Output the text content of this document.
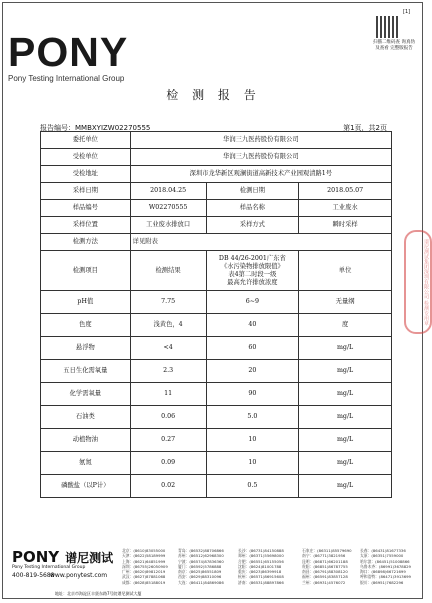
[1]
PONY
Pony Testing International Group
扫描二维码查 询真伪及查看 完整版报告
检 测 报 告
报告编号：MMBXYIZW02270555	第1页，共2页
委托单位	华润三九医药股份有限公司		
受检单位	华润三九医药股份有限公司		
受检地址	深圳市龙华新区观澜街道高新技术产业园观清路1号		
采样日期	2018.04.25	检测日期	2018.05.07
样品编号	W02270555	样品名称	工业废水
采样位置	工业废水排放口	采样方式	瞬时采样
检测方法	详见附表		
检测项目	检测结果	DB 44/26-2001广东省
《水污染物排放限值》
表4第二时段一级
最高允许排放浓度	单位
pH值	7.75	6~9	无量纲
色度	浅黄色，4	40	度
悬浮物	<4	60	mg/L
五日生化需氧量	2.3	20	mg/L
化学需氧量	11	90	mg/L
石油类	0.06	5.0	mg/L
动植物油	0.27	10	mg/L
氨氮	0.09	10	mg/L
磷酸盐（以P计）	0.02	0.5	mg/L
谱尼测试集团深圳有限公司 检测专用章
PONY 谱尼测试
Pony Testing International Group
400-819-5688
www.ponytest.com
北京：(8610)83055000
天津：(8622)58189999
上海：(8621)64851999
深圳：(86755)26050909
广州：(8620)89812019
武汉：(8627)87881068
成都：(8628)85188019
青岛：(86532)88706866
苏州：(86512)62968300
宁波：(86574)87836360
厦门：(86592)5786888
南京：(8625)86551809
西安：(8629)88310096
大连：(86411)84869086
长沙：(86731)84150888
郑州：(86371)55698000
合肥：(86551)65155056
沈阳：(8624)81001788
重庆：(8623)86399918
杭州：(86571)86915608
济南：(86531)88897866
石家庄：(86311)85579690
南宁：(86771)3821956
昆明：(86871)66201188
贵阳：(86851)86787755
南昌：(86791)88308120
福州：(86591)83857128
兰州：(86931)4576072
长春：(86431)81677336
太原：(86351)7559000
哈尔滨：(86451)51008866
乌鲁木齐：(86991)3678829
海口：(86898)66721699
呼和浩特：(86471)3913699
银川：(86951)7682296
地址：北京市海淀区丰贤东路7号院谱尼测试大厦
